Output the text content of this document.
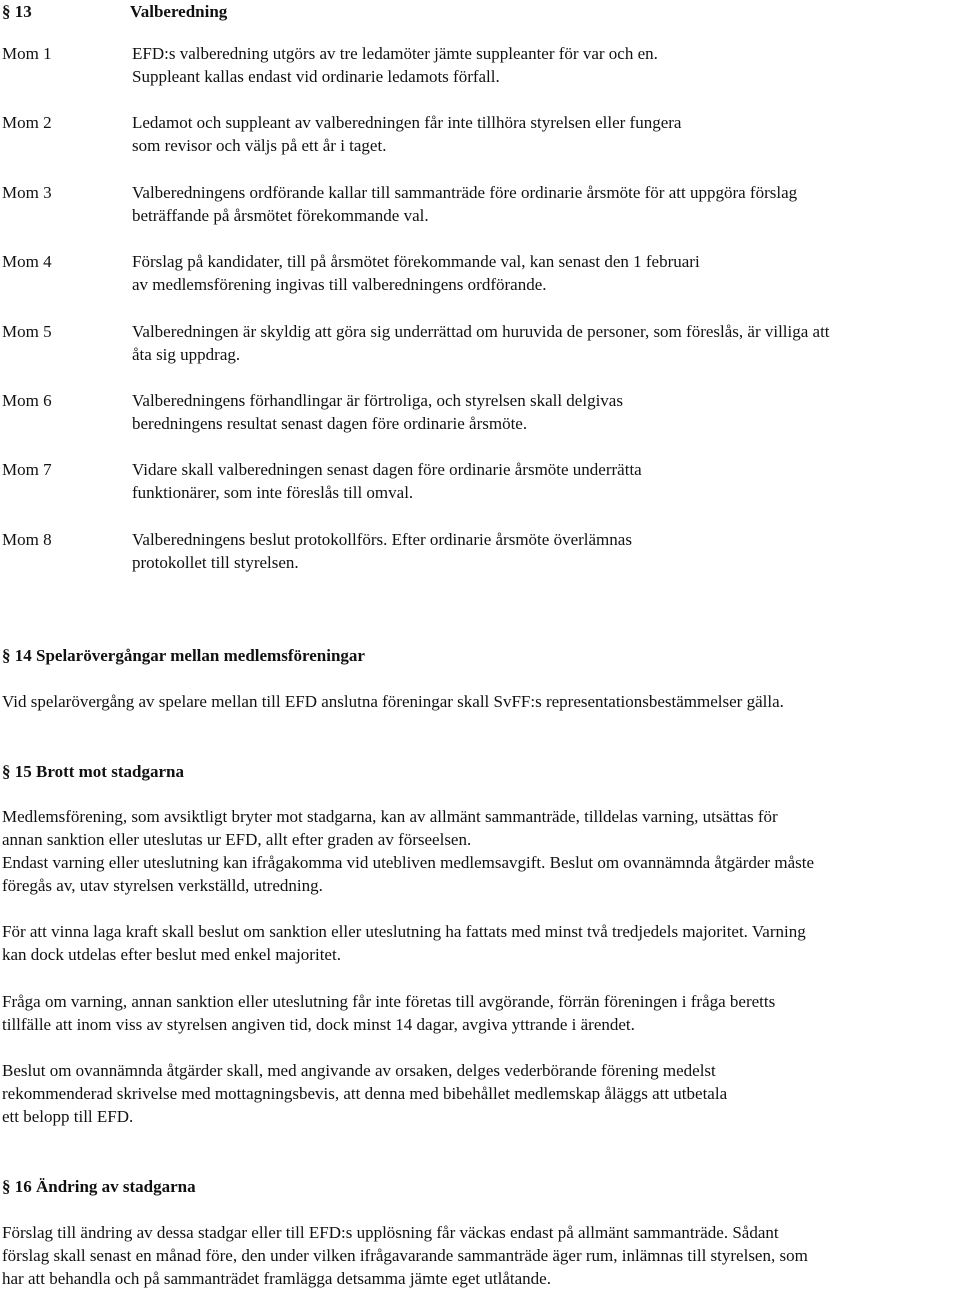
§ 13	Valberedning
Mom 1	EFD:s valberedning utgörs av tre ledamöter jämte suppleanter för var och en.
Suppleant kallas endast vid ordinarie ledamots förfall.
Mom 2	Ledamot och suppleant av valberedningen får inte tillhöra styrelsen eller fungera
som revisor och väljs på ett år i taget.
Mom 3	Valberedningens ordförande kallar till sammanträde före ordinarie årsmöte för att uppgöra förslag
beträffande på årsmötet förekommande val.
Mom 4	Förslag på kandidater, till på årsmötet förekommande val, kan senast den 1 februari
av medlemsförening ingivas till valberedningens ordförande.
Mom 5	Valberedningen är skyldig att göra sig underrättad om huruvida de personer, som föreslås, är villiga att
åta sig uppdrag.
Mom 6	Valberedningens förhandlingar är förtroliga, och styrelsen skall delgivas
beredningens resultat senast dagen före ordinarie årsmöte.
Mom 7	Vidare skall valberedningen senast dagen före ordinarie årsmöte underrätta
funktionärer, som inte föreslås till omval.
Mom 8	Valberedningens beslut protokollförs. Efter ordinarie årsmöte överlämnas
protokollet till styrelsen.
§ 14 Spelarövergångar mellan medlemsföreningar
Vid spelarövergång av spelare mellan till EFD anslutna föreningar skall SvFF:s representationsbestämmelser gälla.
§ 15 Brott mot stadgarna
Medlemsförening, som avsiktligt bryter mot stadgarna, kan av allmänt sammanträde, tilldelas varning, utsättas för
annan sanktion eller uteslutas ur EFD, allt efter graden av förseelsen.
Endast varning eller uteslutning kan ifrågakomma vid utebliven medlemsavgift. Beslut om ovannämnda åtgärder måste
föregås av, utav styrelsen verkställd, utredning.
För att vinna laga kraft skall beslut om sanktion eller uteslutning ha fattats med minst två tredjedels majoritet. Varning
kan dock utdelas efter beslut med enkel majoritet.
Fråga om varning, annan sanktion eller uteslutning får inte företas till avgörande, förrän föreningen i fråga beretts
tillfälle att inom viss av styrelsen angiven tid, dock minst 14 dagar, avgiva yttrande i ärendet.
Beslut om ovannämnda åtgärder skall, med angivande av orsaken, delges vederbörande förening medelst
rekommenderad skrivelse med mottagningsbevis, att denna med bibehållet medlemskap åläggs att utbetala
ett belopp till EFD.
§ 16 Ändring av stadgarna
Förslag till ändring av dessa stadgar eller till EFD:s upplösning får väckas endast på allmänt sammanträde. Sådant
förslag skall senast en månad före, den under vilken ifrågavarande sammanträde äger rum, inlämnas till styrelsen, som
har att behandla och på sammanträdet framlägga detsamma jämte eget utlåtande.
